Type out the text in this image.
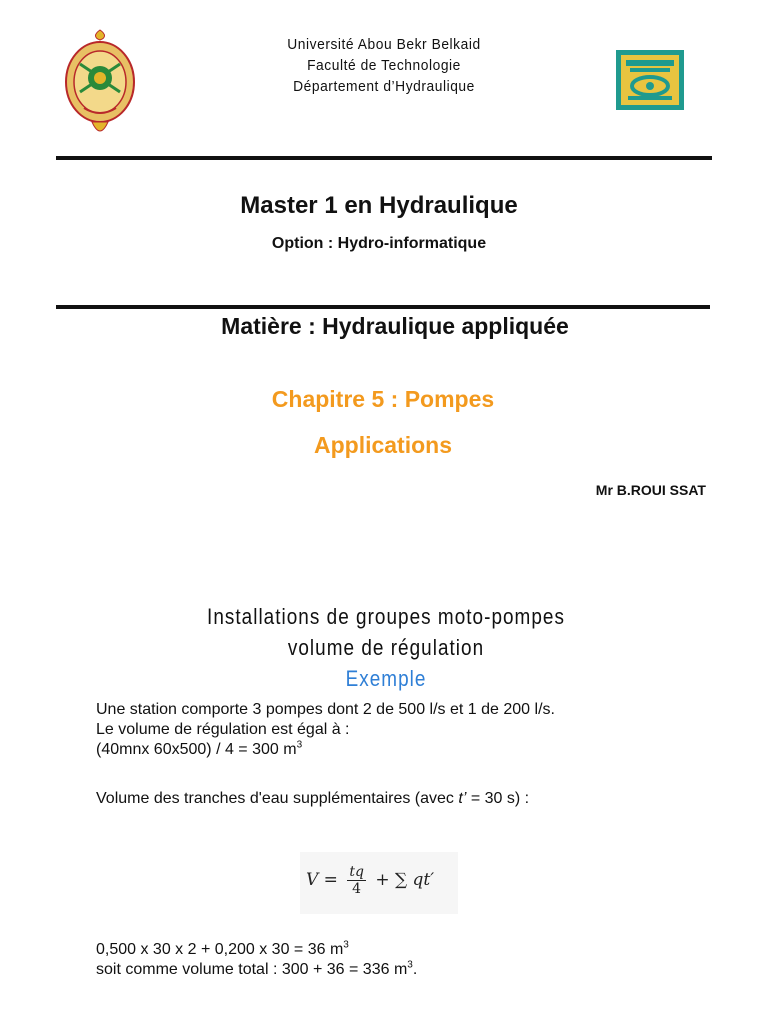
Université Abou Bekr Belkaid
Faculté de Technologie
Département d’Hydraulique
Master 1 en Hydraulique
Option : Hydro-informatique
Matière : Hydraulique appliquée
Chapitre 5 : Pompes
Applications
Mr B.ROUI SSAT
Installations de groupes moto-pompes
volume de régulation
Exemple
Une station comporte 3 pompes dont 2 de 500 l/s et 1 de 200 l/s.
Le volume de régulation est égal à :
(40mnx 60x500) / 4 = 300 $m^3$
Volume des tranches d'eau supplémentaires (avec t’ = 30 s) :
$V = \frac{tq}{4}$ + ∑ qt′
0,500 x 30 x 2 + 0,200 x 30 = 36 $m^3$
soit comme volume total : 300 + 36 = 336 $m^3$.
